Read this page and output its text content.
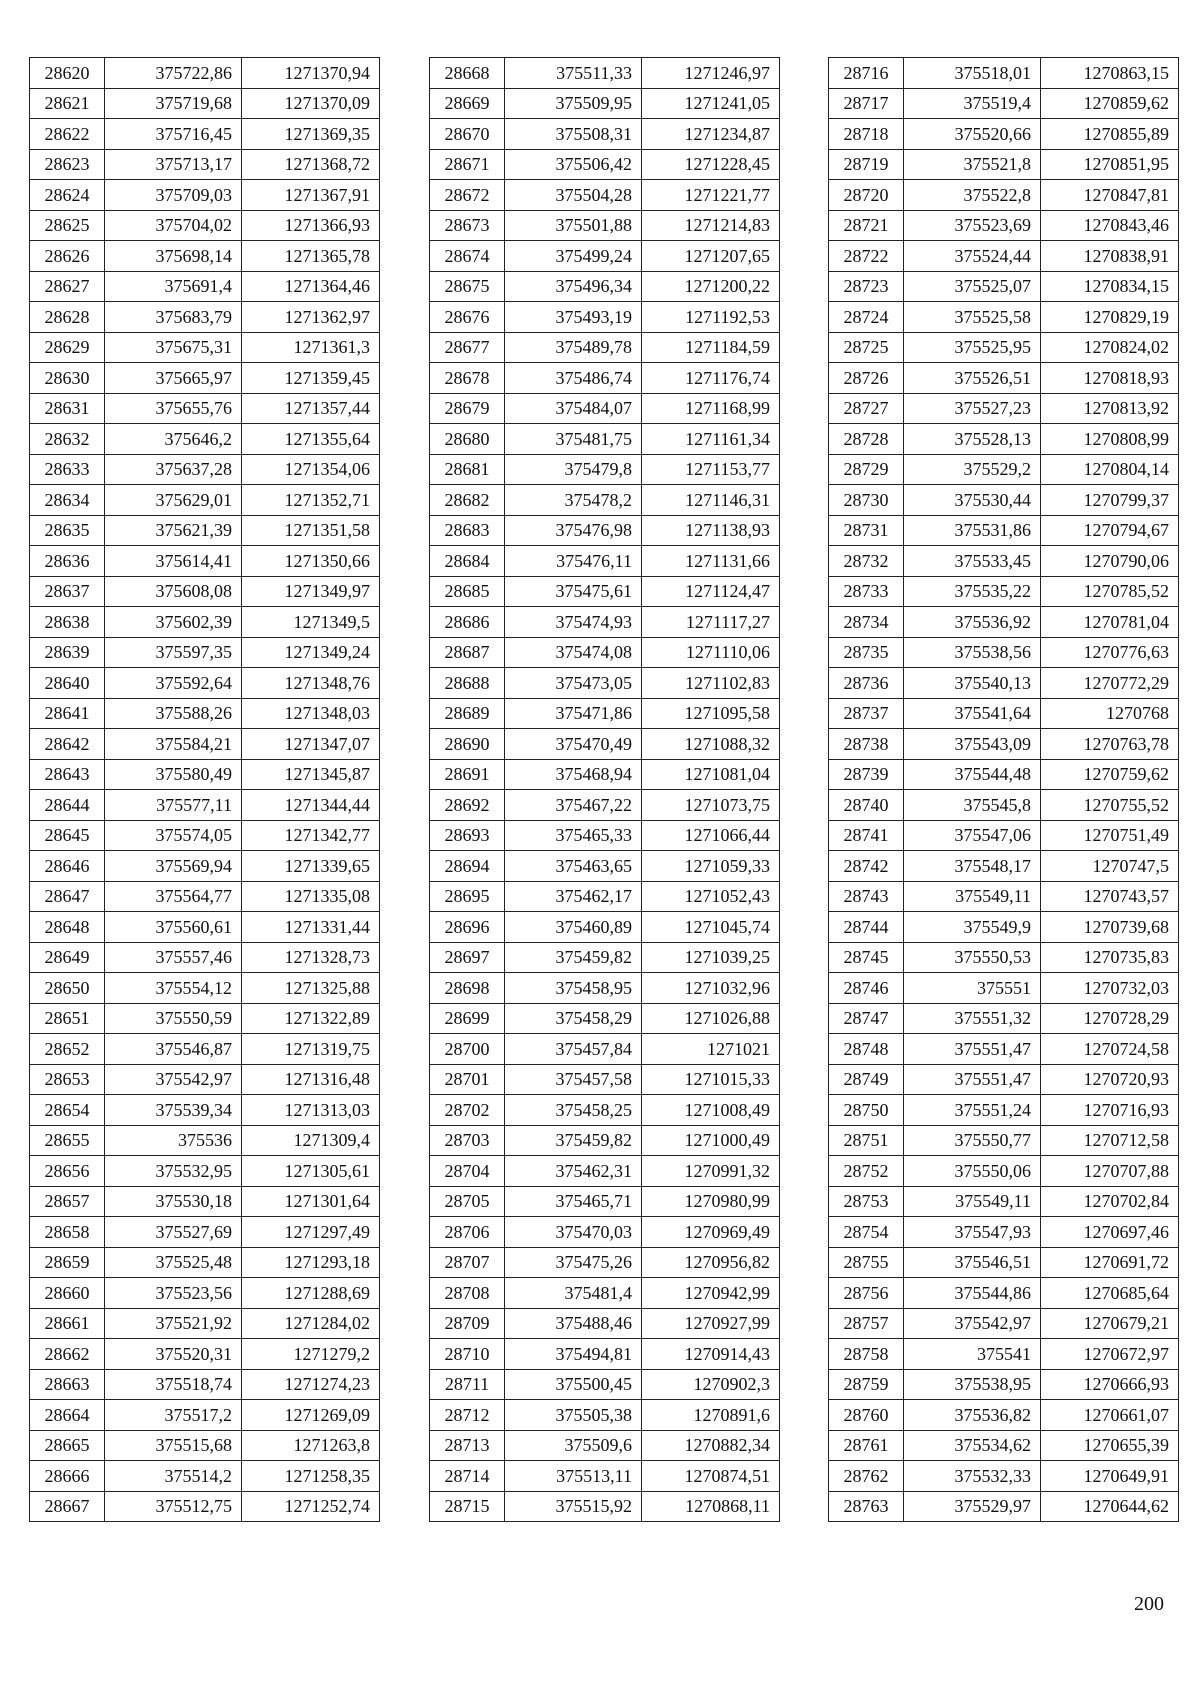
28620	375722,86	1271370,94
28621	375719,68	1271370,09
28622	375716,45	1271369,35
28623	375713,17	1271368,72
28624	375709,03	1271367,91
28625	375704,02	1271366,93
28626	375698,14	1271365,78
28627	375691,4	1271364,46
28628	375683,79	1271362,97
28629	375675,31	1271361,3
28630	375665,97	1271359,45
28631	375655,76	1271357,44
28632	375646,2	1271355,64
28633	375637,28	1271354,06
28634	375629,01	1271352,71
28635	375621,39	1271351,58
28636	375614,41	1271350,66
28637	375608,08	1271349,97
28638	375602,39	1271349,5
28639	375597,35	1271349,24
28640	375592,64	1271348,76
28641	375588,26	1271348,03
28642	375584,21	1271347,07
28643	375580,49	1271345,87
28644	375577,11	1271344,44
28645	375574,05	1271342,77
28646	375569,94	1271339,65
28647	375564,77	1271335,08
28648	375560,61	1271331,44
28649	375557,46	1271328,73
28650	375554,12	1271325,88
28651	375550,59	1271322,89
28652	375546,87	1271319,75
28653	375542,97	1271316,48
28654	375539,34	1271313,03
28655	375536	1271309,4
28656	375532,95	1271305,61
28657	375530,18	1271301,64
28658	375527,69	1271297,49
28659	375525,48	1271293,18
28660	375523,56	1271288,69
28661	375521,92	1271284,02
28662	375520,31	1271279,2
28663	375518,74	1271274,23
28664	375517,2	1271269,09
28665	375515,68	1271263,8
28666	375514,2	1271258,35
28667	375512,75	1271252,74
28668	375511,33	1271246,97
28669	375509,95	1271241,05
28670	375508,31	1271234,87
28671	375506,42	1271228,45
28672	375504,28	1271221,77
28673	375501,88	1271214,83
28674	375499,24	1271207,65
28675	375496,34	1271200,22
28676	375493,19	1271192,53
28677	375489,78	1271184,59
28678	375486,74	1271176,74
28679	375484,07	1271168,99
28680	375481,75	1271161,34
28681	375479,8	1271153,77
28682	375478,2	1271146,31
28683	375476,98	1271138,93
28684	375476,11	1271131,66
28685	375475,61	1271124,47
28686	375474,93	1271117,27
28687	375474,08	1271110,06
28688	375473,05	1271102,83
28689	375471,86	1271095,58
28690	375470,49	1271088,32
28691	375468,94	1271081,04
28692	375467,22	1271073,75
28693	375465,33	1271066,44
28694	375463,65	1271059,33
28695	375462,17	1271052,43
28696	375460,89	1271045,74
28697	375459,82	1271039,25
28698	375458,95	1271032,96
28699	375458,29	1271026,88
28700	375457,84	1271021
28701	375457,58	1271015,33
28702	375458,25	1271008,49
28703	375459,82	1271000,49
28704	375462,31	1270991,32
28705	375465,71	1270980,99
28706	375470,03	1270969,49
28707	375475,26	1270956,82
28708	375481,4	1270942,99
28709	375488,46	1270927,99
28710	375494,81	1270914,43
28711	375500,45	1270902,3
28712	375505,38	1270891,6
28713	375509,6	1270882,34
28714	375513,11	1270874,51
28715	375515,92	1270868,11
28716	375518,01	1270863,15
28717	375519,4	1270859,62
28718	375520,66	1270855,89
28719	375521,8	1270851,95
28720	375522,8	1270847,81
28721	375523,69	1270843,46
28722	375524,44	1270838,91
28723	375525,07	1270834,15
28724	375525,58	1270829,19
28725	375525,95	1270824,02
28726	375526,51	1270818,93
28727	375527,23	1270813,92
28728	375528,13	1270808,99
28729	375529,2	1270804,14
28730	375530,44	1270799,37
28731	375531,86	1270794,67
28732	375533,45	1270790,06
28733	375535,22	1270785,52
28734	375536,92	1270781,04
28735	375538,56	1270776,63
28736	375540,13	1270772,29
28737	375541,64	1270768
28738	375543,09	1270763,78
28739	375544,48	1270759,62
28740	375545,8	1270755,52
28741	375547,06	1270751,49
28742	375548,17	1270747,5
28743	375549,11	1270743,57
28744	375549,9	1270739,68
28745	375550,53	1270735,83
28746	375551	1270732,03
28747	375551,32	1270728,29
28748	375551,47	1270724,58
28749	375551,47	1270720,93
28750	375551,24	1270716,93
28751	375550,77	1270712,58
28752	375550,06	1270707,88
28753	375549,11	1270702,84
28754	375547,93	1270697,46
28755	375546,51	1270691,72
28756	375544,86	1270685,64
28757	375542,97	1270679,21
28758	375541	1270672,97
28759	375538,95	1270666,93
28760	375536,82	1270661,07
28761	375534,62	1270655,39
28762	375532,33	1270649,91
28763	375529,97	1270644,62
200
